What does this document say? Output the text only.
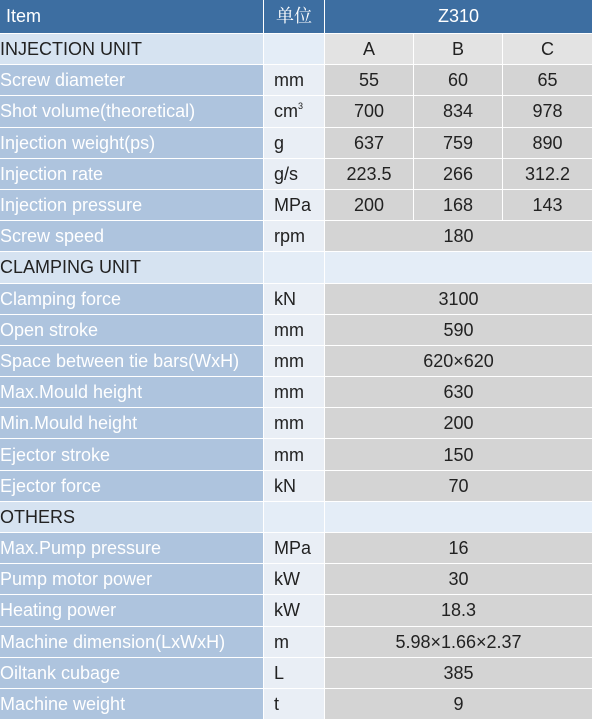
Item	单位	Z310		
INJECTION UNIT		A	B	C
Screw diameter	mm	55	60	65
Shot volume(theoretical)	$cm^3$	700	834	978
Injection weight(ps)	g	637	759	890
Injection rate	g/s	223.5	266	312.2
Injection pressure	MPa	200	168	143
Screw speed	rpm	180		
CLAMPING UNIT				
Clamping force	kN	3100		
Open stroke	mm	590		
Space between tie bars(WxH)	mm	620×620		
Max.Mould height	mm	630		
Min.Mould height	mm	200		
Ejector stroke	mm	150		
Ejector force	kN	70		
OTHERS				
Max.Pump pressure	MPa	16		
Pump motor power	kW	30		
Heating power	kW	18.3		
Machine dimension(LxWxH)	m	5.98×1.66×2.37		
Oiltank cubage	L	385		
Machine weight	t	9		
